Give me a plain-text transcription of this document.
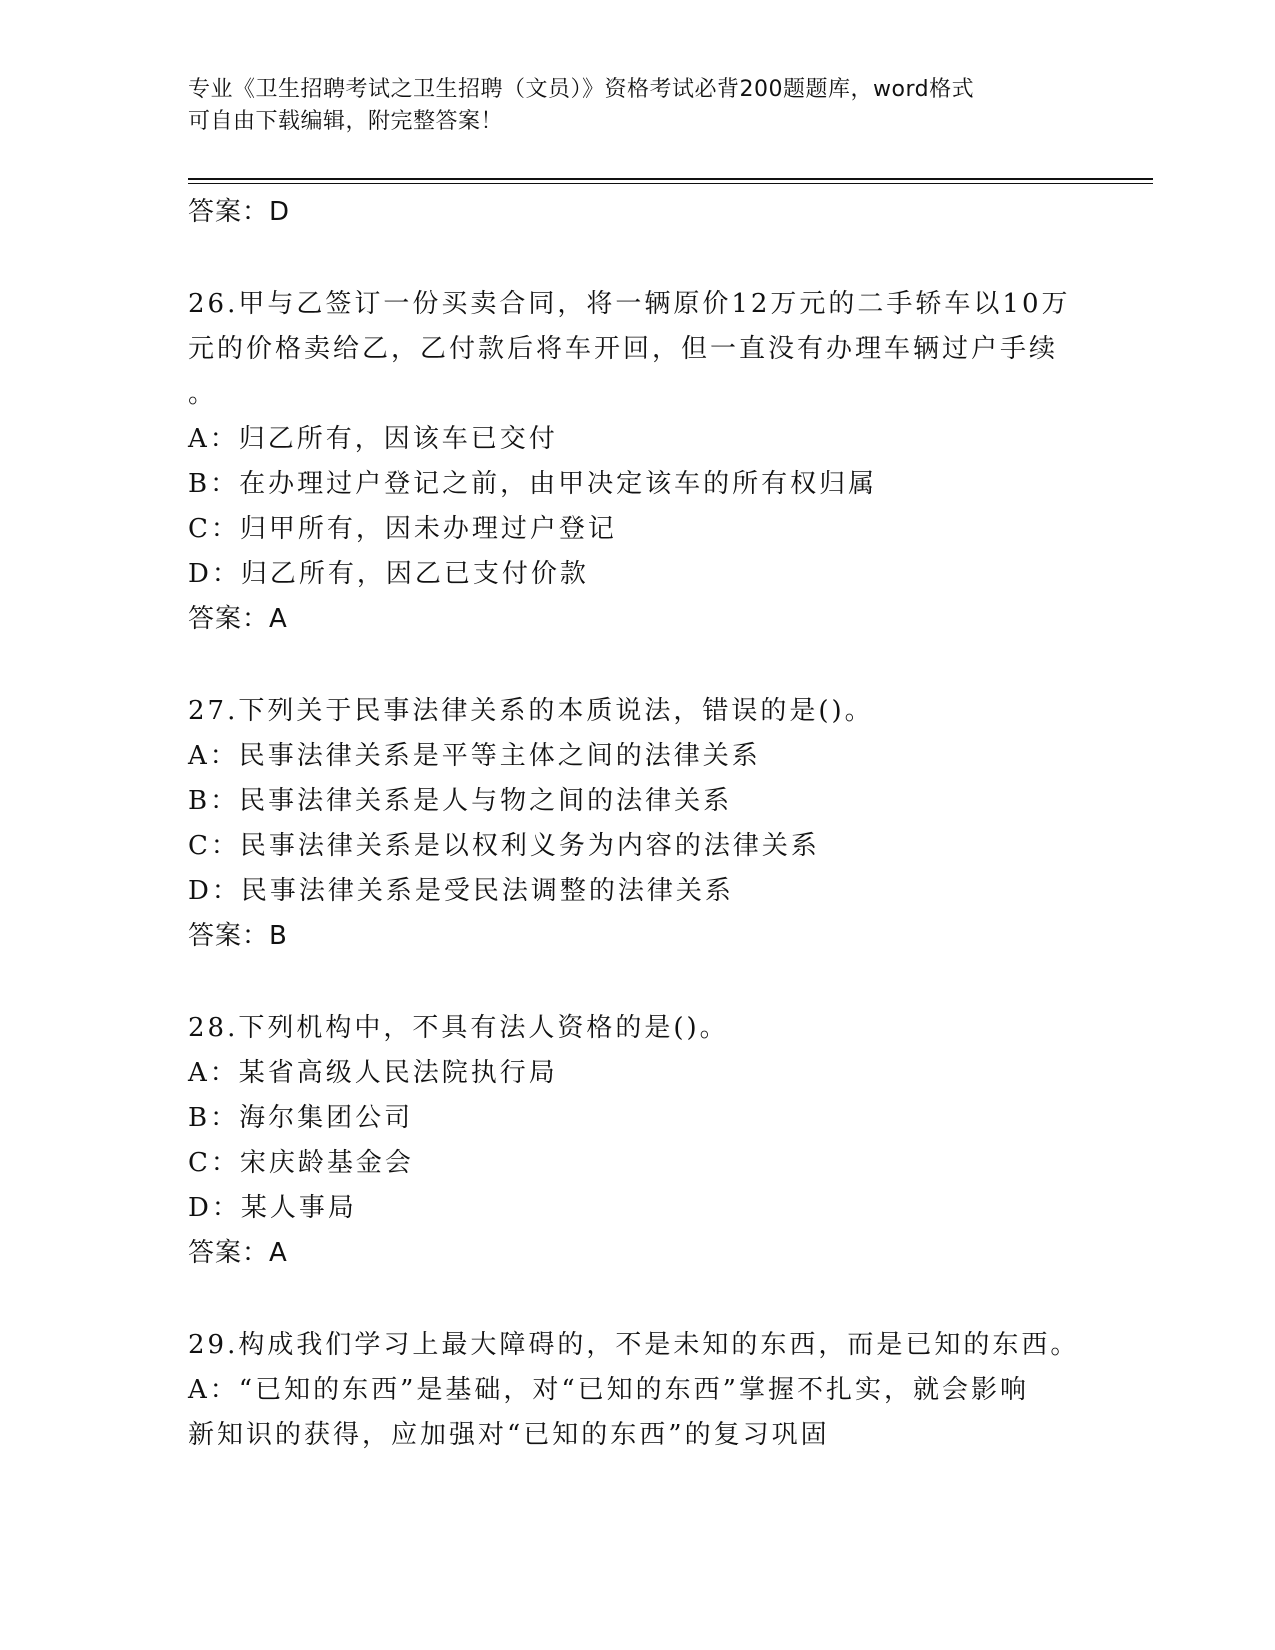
专业《卫生招聘考试之卫生招聘（文员）》资格考试必背200题题库，word格式
可自由下载编辑，附完整答案！
答案：D
26.甲与乙签订一份买卖合同，将一辆原价12万元的二手轿车以10万
元的价格卖给乙，乙付款后将车开回，但一直没有办理车辆过户手续
。
A：归乙所有，因该车已交付
B：在办理过户登记之前，由甲决定该车的所有权归属
C：归甲所有，因未办理过户登记
D：归乙所有，因乙已支付价款
答案：A
27.下列关于民事法律关系的本质说法，错误的是()。
A：民事法律关系是平等主体之间的法律关系
B：民事法律关系是人与物之间的法律关系
C：民事法律关系是以权利义务为内容的法律关系
D：民事法律关系是受民法调整的法律关系
答案：B
28.下列机构中，不具有法人资格的是()。
A：某省高级人民法院执行局
B：海尔集团公司
C：宋庆龄基金会
D：某人事局
答案：A
29.构成我们学习上最大障碍的，不是未知的东西，而是已知的东西。
A：“已知的东西”是基础，对“已知的东西”掌握不扎实，就会影响
新知识的获得，应加强对“已知的东西”的复习巩固
